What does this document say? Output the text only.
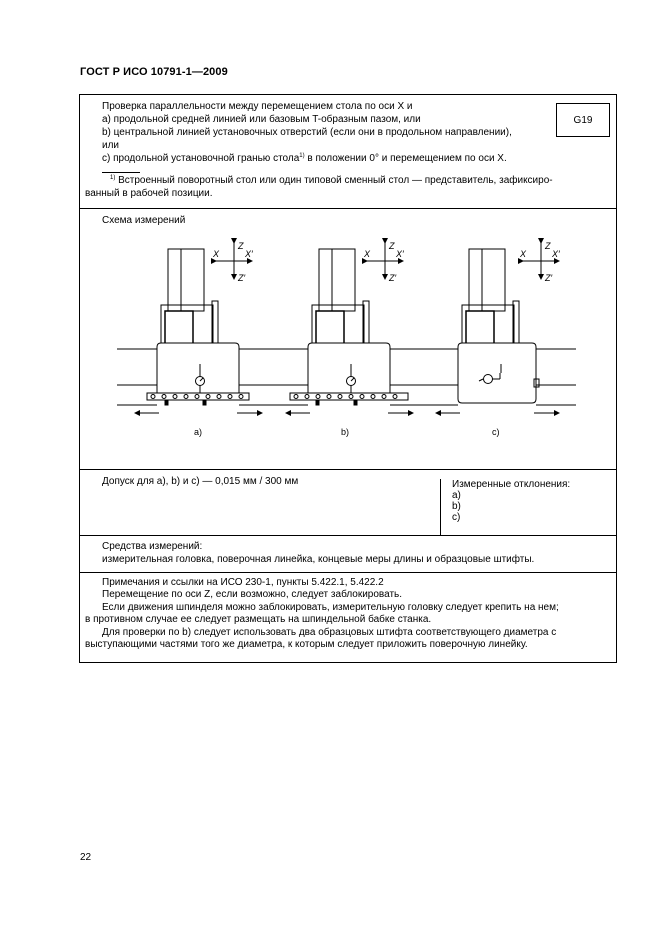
ГОСТ Р ИСО 10791-1—2009
Проверка параллельности между перемещением стола по оси X и
a) продольной средней линией или базовым T-образным пазом, или
b) центральной линией установочных отверстий (если они в продольном направлении),
или
с) продольной установочной гранью стола$^{1)}$ в положении 0° и перемещением по оси X.
G19
$^{1)}$ Встроенный поворотный стол или один типовой сменный стол — представитель, зафиксиро-
ванный в рабочей позиции.
Схема измерений
Z
X	X′
Z′
a)
Z
X	X′
Z′
b)
Z
X	X′
Z′
c)
Допуск для а), b) и c) — 0,015 мм / 300 мм	Измеренные отклонения:
a)
b)
c)
Средства измерений:
измерительная головка, поверочная линейка, концевые меры длины и образцовые штифты.
Примечания и ссылки на ИСО 230-1, пункты 5.422.1, 5.422.2
Перемещение по оси Z, если возможно, следует заблокировать.
Если движения шпинделя можно заблокировать, измерительную головку следует крепить на нем;
в противном случае ее следует размещать на шпиндельной бабке станка.
Для проверки по b) следует использовать два образцовых штифта соответствующего диаметра с
выступающими частями того же диаметра, к которым следует приложить поверочную линейку.
22
